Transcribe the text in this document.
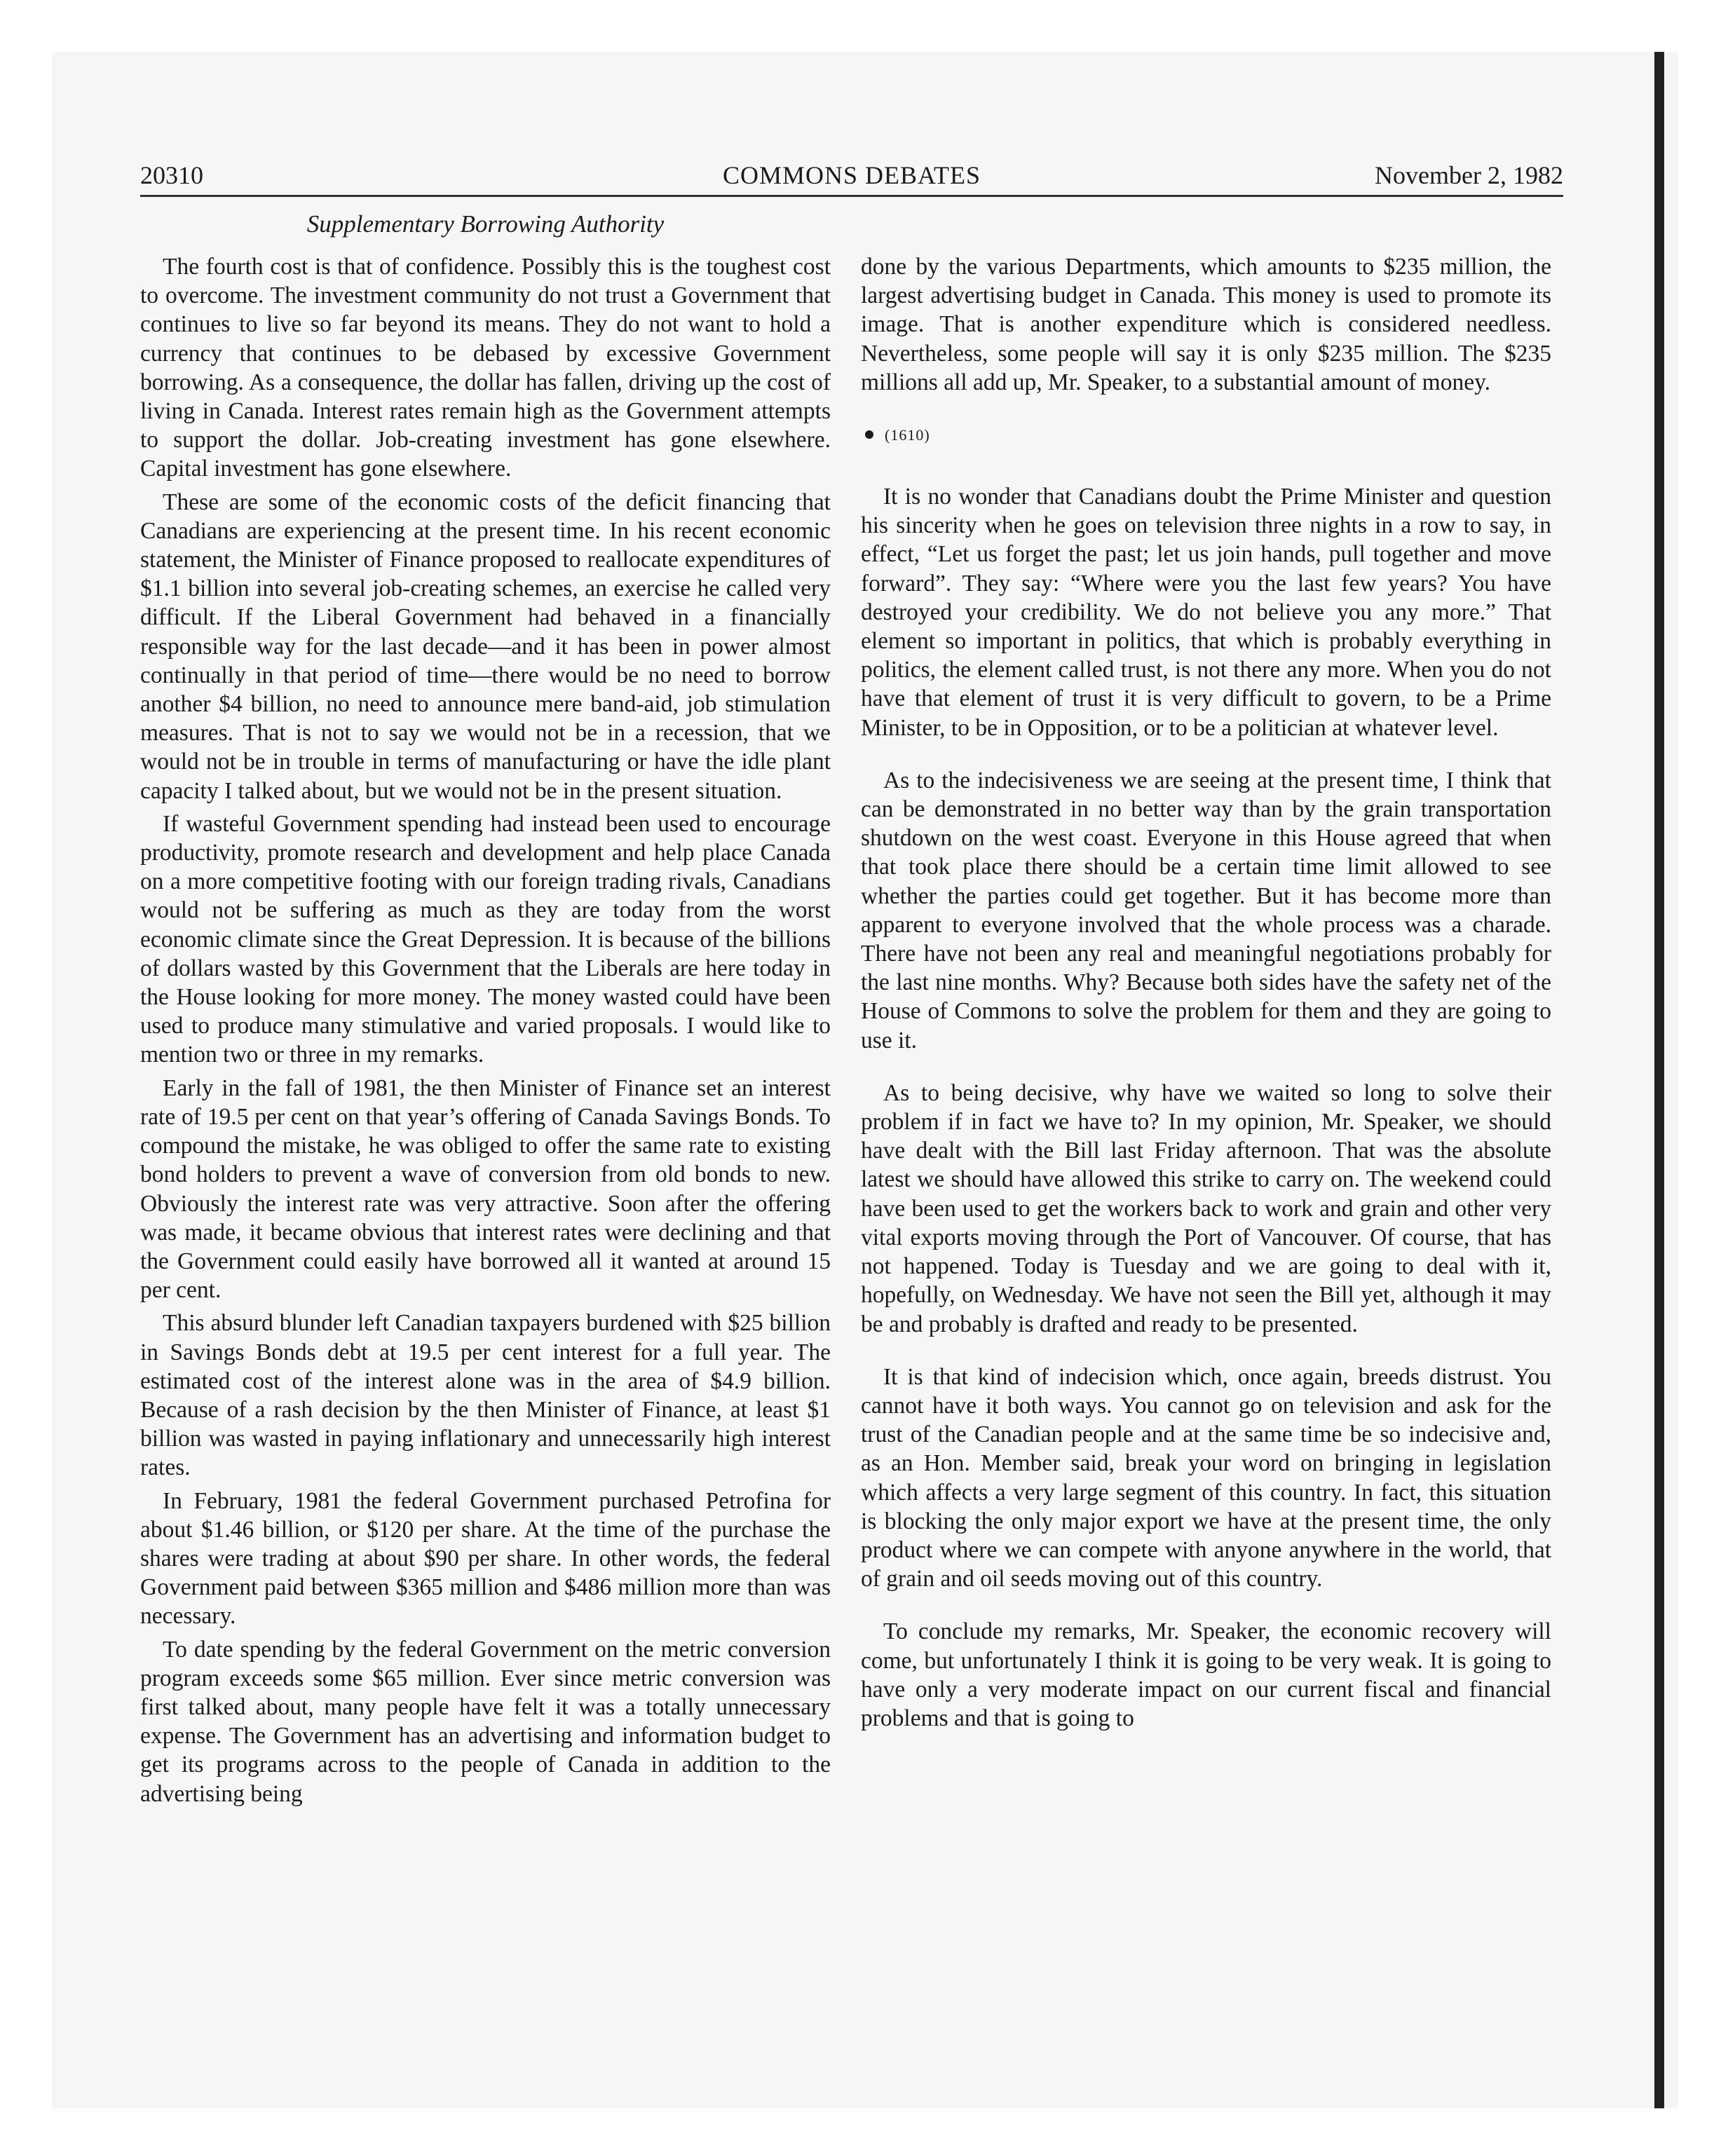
20310	COMMONS DEBATES	November 2, 1982
Supplementary Borrowing Authority

The fourth cost is that of confidence. Possibly this is the toughest cost to overcome. The investment community do not trust a Government that continues to live so far beyond its means. They do not want to hold a currency that continues to be debased by excessive Government borrowing. As a consequence, the dollar has fallen, driving up the cost of living in Canada. Interest rates remain high as the Government attempts to support the dollar. Job-creating investment has gone elsewhere. Capital investment has gone elsewhere.

These are some of the economic costs of the deficit financing that Canadians are experiencing at the present time. In his recent economic statement, the Minister of Finance proposed to reallocate expenditures of $1.1 billion into several job-creating schemes, an exercise he called very difficult. If the Liberal Government had behaved in a financially responsible way for the last decade—and it has been in power almost continually in that period of time—there would be no need to borrow another $4 billion, no need to announce mere band-aid, job stimulation measures. That is not to say we would not be in a recession, that we would not be in trouble in terms of manufacturing or have the idle plant capacity I talked about, but we would not be in the present situation.

If wasteful Government spending had instead been used to encourage productivity, promote research and development and help place Canada on a more competitive footing with our foreign trading rivals, Canadians would not be suffering as much as they are today from the worst economic climate since the Great Depression. It is because of the billions of dollars wasted by this Government that the Liberals are here today in the House looking for more money. The money wasted could have been used to produce many stimulative and varied proposals. I would like to mention two or three in my remarks.

Early in the fall of 1981, the then Minister of Finance set an interest rate of 19.5 per cent on that year’s offering of Canada Savings Bonds. To compound the mistake, he was obliged to offer the same rate to existing bond holders to prevent a wave of conversion from old bonds to new. Obviously the interest rate was very attractive. Soon after the offering was made, it became obvious that interest rates were declining and that the Government could easily have borrowed all it wanted at around 15 per cent.

This absurd blunder left Canadian taxpayers burdened with $25 billion in Savings Bonds debt at 19.5 per cent interest for a full year. The estimated cost of the interest alone was in the area of $4.9 billion. Because of a rash decision by the then Minister of Finance, at least $1 billion was wasted in paying inflationary and unnecessarily high interest rates.

In February, 1981 the federal Government purchased Petrofina for about $1.46 billion, or $120 per share. At the time of the purchase the shares were trading at about $90 per share. In other words, the federal Government paid between $365 million and $486 million more than was necessary.

To date spending by the federal Government on the metric conversion program exceeds some $65 million. Ever since metric conversion was first talked about, many people have felt it was a totally unnecessary expense. The Government has an advertising and information budget to get its programs across to the people of Canada in addition to the advertising being

done by the various Departments, which amounts to $235 million, the largest advertising budget in Canada. This money is used to promote its image. That is another expenditure which is considered needless. Nevertheless, some people will say it is only $235 million. The $235 millions all add up, Mr. Speaker, to a substantial amount of money.

(1610)

It is no wonder that Canadians doubt the Prime Minister and question his sincerity when he goes on television three nights in a row to say, in effect, “Let us forget the past; let us join hands, pull together and move forward”. They say: “Where were you the last few years? You have destroyed your credibility. We do not believe you any more.” That element so important in politics, that which is probably everything in politics, the element called trust, is not there any more. When you do not have that element of trust it is very difficult to govern, to be a Prime Minister, to be in Opposition, or to be a politician at whatever level.

As to the indecisiveness we are seeing at the present time, I think that can be demonstrated in no better way than by the grain transportation shutdown on the west coast. Everyone in this House agreed that when that took place there should be a certain time limit allowed to see whether the parties could get together. But it has become more than apparent to everyone involved that the whole process was a charade. There have not been any real and meaningful negotiations probably for the last nine months. Why? Because both sides have the safety net of the House of Commons to solve the problem for them and they are going to use it.

As to being decisive, why have we waited so long to solve their problem if in fact we have to? In my opinion, Mr. Speaker, we should have dealt with the Bill last Friday afternoon. That was the absolute latest we should have allowed this strike to carry on. The weekend could have been used to get the workers back to work and grain and other very vital exports moving through the Port of Vancouver. Of course, that has not happened. Today is Tuesday and we are going to deal with it, hopefully, on Wednesday. We have not seen the Bill yet, although it may be and probably is drafted and ready to be presented.

It is that kind of indecision which, once again, breeds distrust. You cannot have it both ways. You cannot go on television and ask for the trust of the Canadian people and at the same time be so indecisive and, as an Hon. Member said, break your word on bringing in legislation which affects a very large segment of this country. In fact, this situation is blocking the only major export we have at the present time, the only product where we can compete with anyone anywhere in the world, that of grain and oil seeds moving out of this country.

To conclude my remarks, Mr. Speaker, the economic recovery will come, but unfortunately I think it is going to be very weak. It is going to have only a very moderate impact on our current fiscal and financial problems and that is going to
